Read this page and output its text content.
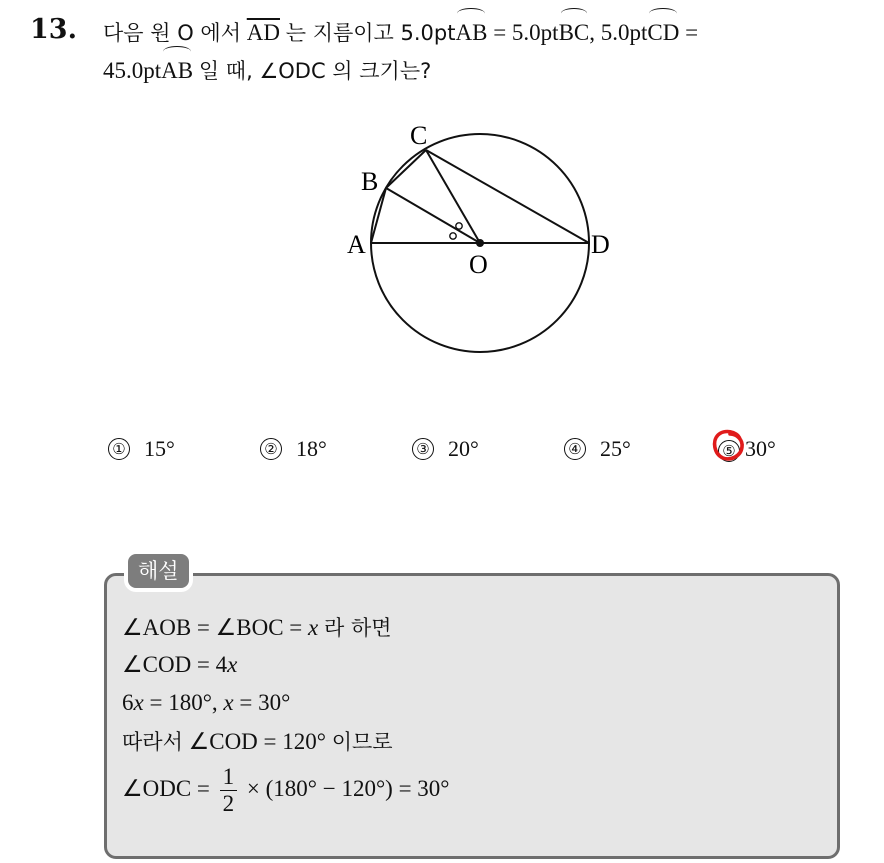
13. 다음 원 O 에서 $\overline{AD}$ 는 지름이고 5.0ptAB = 5.0ptBC, 5.0ptCD =
45.0ptAB 일 때, ∠ODC 의 크기는?
A
B
C
D
O
① 15°	② 18°	③ 20°	④ 25°	⑤ 30°
해설
∠AOB = ∠BOC = x 라 하면
∠COD = 4x
6x = 180°, x = 30°
따라서 ∠COD = 120° 이므로
∠ODC = $\frac{1}{2} \times (180^\circ - 120^\circ) = 30^\circ$
